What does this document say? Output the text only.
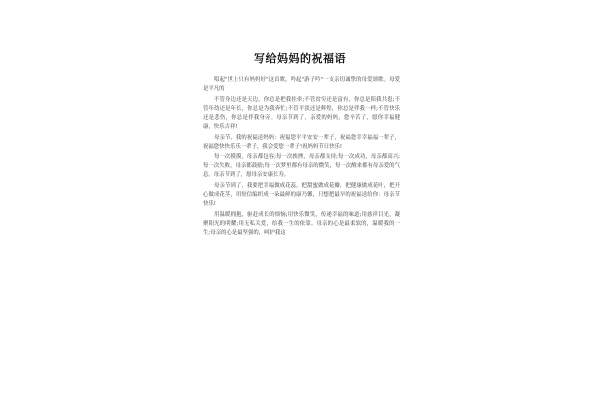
写给妈妈的祝福语

唱起"世上只有妈妈好"这首歌，吟起"游子吟"一支亲切诚挚的母爱颂歌。母爱是平凡的

不管身边还是天边，你总是把我挂牵;不管贫穷还是富有，你总是陪我共患;不管年幼还是年长，你总是为我奔忙;不管平淡还是辉煌，你总是伴我一样;不管快乐还是悲伤，你总是伴我身旁。母亲节到了，亲爱的妈妈，您辛苦了，愿你幸福健康，快乐吉祥!

母亲节，我的祝福送妈妈：祝福您平平安安一辈子，祝福您幸幸福福一辈子，祝福您快快乐乐一辈子，我会爱您一辈子!祝妈妈节日快乐!

每一次摸摸，母亲都包容;每一次挨挫，母亲都支持;每一次成功，母亲都高兴;每一次失败，母亲都鼓励;每一次梦里都有母亲的微笑，每一次醒来都有母亲爱的气息。母亲节到了，愿母亲安康长寿。

母亲节到了，我要把幸福做成花蕊，把甜蜜做成花瓣，把健康做成花叶，把开心做成花茎，用短信编织成一朵最鲜的康乃馨，只想把最早的祝福送给你：母亲节快乐!

用温暖拥抱，驱赶成长的烦恼;用快乐微笑，传递幸福的味道;用慈祥目光，凝聚阳光的明耀;用无私关爱，给我一生的依靠。母亲的心是最柔软的，温暖我的一生;母亲的心是最坚强的，呵护我这
